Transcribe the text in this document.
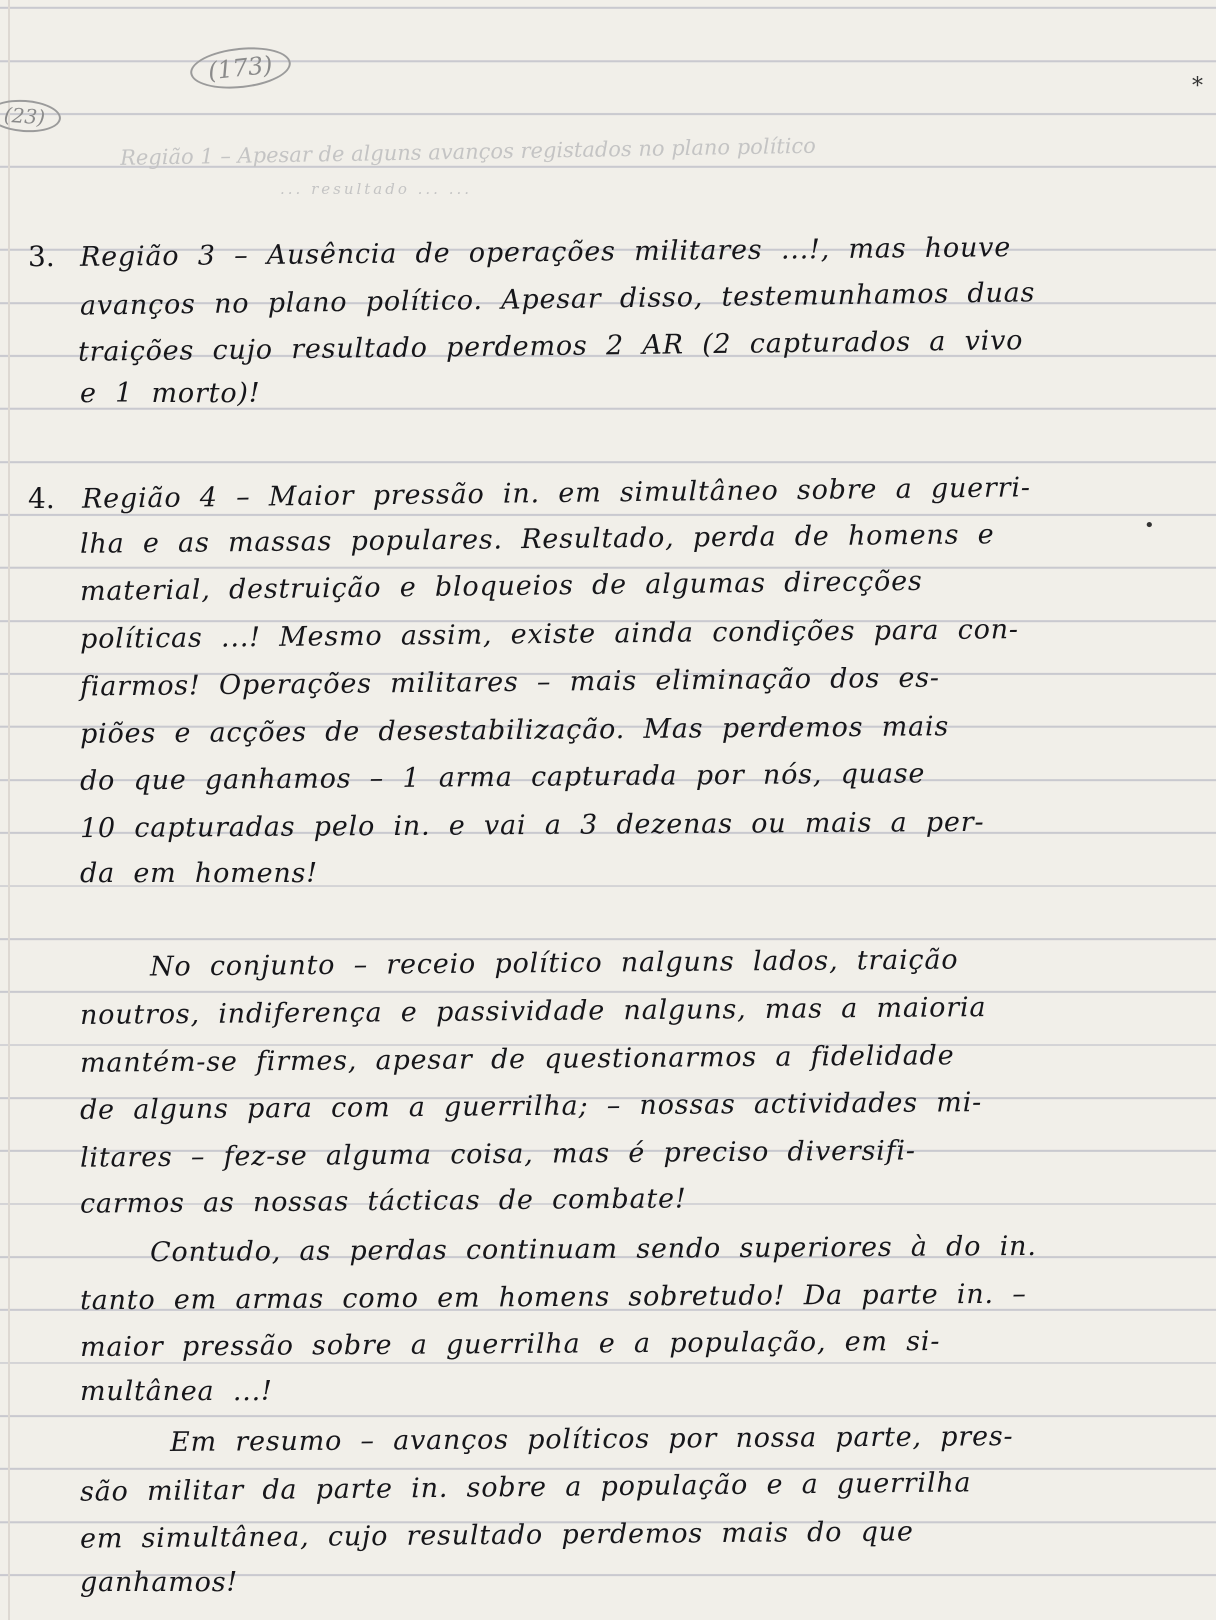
(173)
(23)
Região 1 – Apesar de alguns avanços registados no plano político
... resultado ... ...
*
•
3.
4.
Região 3 – Ausência de operações militares ...!, mas houve
avanços no plano político. Apesar disso, testemunhamos duas
traições cujo resultado perdemos 2 AR (2 capturados a vivo
e 1 morto)!
Região 4 – Maior pressão in. em simultâneo sobre a guerri-
lha e as massas populares. Resultado, perda de homens e
material, destruição e bloqueios de algumas direcções
políticas ...! Mesmo assim, existe ainda condições para con-
fiarmos! Operações militares – mais eliminação dos es-
piões e acções de desestabilização. Mas perdemos mais
do que ganhamos – 1 arma capturada por nós, quase
10 capturadas pelo in. e vai a 3 dezenas ou mais a per-
da em homens!
No conjunto – receio político nalguns lados, traição
noutros, indiferença e passividade nalguns, mas a maioria
mantém-se firmes, apesar de questionarmos a fidelidade
de alguns para com a guerrilha; – nossas actividades mi-
litares – fez-se alguma coisa, mas é preciso diversifi-
carmos as nossas tácticas de combate!
Contudo, as perdas continuam sendo superiores à do in.
tanto em armas como em homens sobretudo! Da parte in. –
maior pressão sobre a guerrilha e a população, em si-
multânea ...!
Em resumo – avanços políticos por nossa parte, pres-
são militar da parte in. sobre a população e a guerrilha
em simultânea, cujo resultado perdemos mais do que
ganhamos!
